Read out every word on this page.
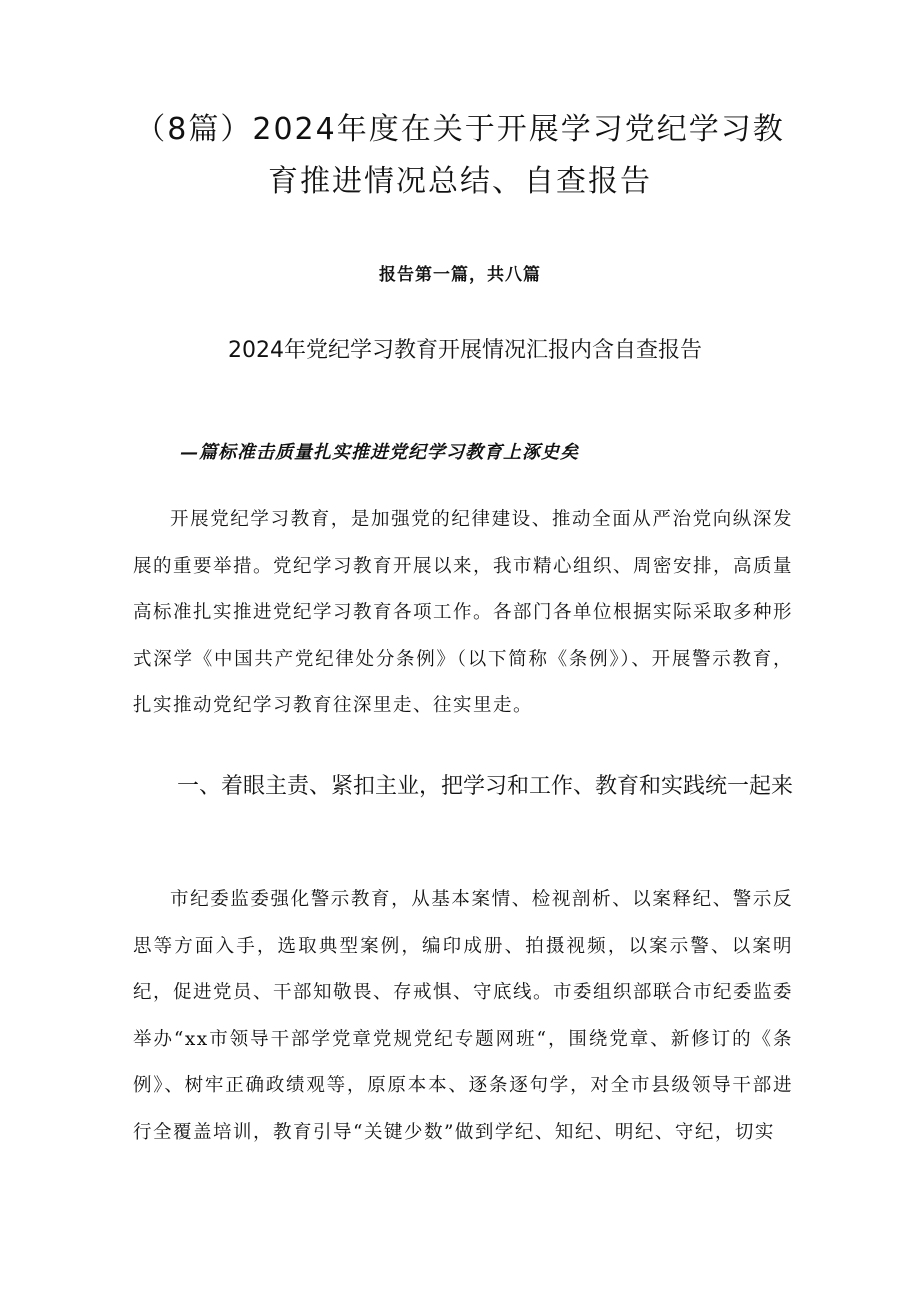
（8篇）2024年度在关于开展学习党纪学习教育推进情况总结、自查报告
报告第一篇，共八篇
2024年党纪学习教育开展情况汇报内含自查报告
—篇标准击质量扎实推进党纪学习教育上涿史矣
开展党纪学习教育，是加强党的纪律建设、推动全面从严治党向纵深发展的重要举措。党纪学习教育开展以来，我市精心组织、周密安排，高质量高标准扎实推进党纪学习教育各项工作。各部门各单位根据实际采取多种形式深学《中国共产党纪律处分条例》（以下简称《条例》）、开展警示教育，扎实推动党纪学习教育往深里走、往实里走。
一、着眼主责、紧扣主业，把学习和工作、教育和实践统一起来
市纪委监委强化警示教育，从基本案情、检视剖析、以案释纪、警示反思等方面入手，选取典型案例，编印成册、拍摄视频，以案示警、以案明纪，促进党员、干部知敬畏、存戒惧、守底线。市委组织部联合市纪委监委举办“xx市领导干部学党章党规党纪专题网班“，围绕党章、新修订的《条例》、树牢正确政绩观等，原原本本、逐条逐句学，对全市县级领导干部进行全覆盖培训，教育引导“关键少数”做到学纪、知纪、明纪、守纪，切实
